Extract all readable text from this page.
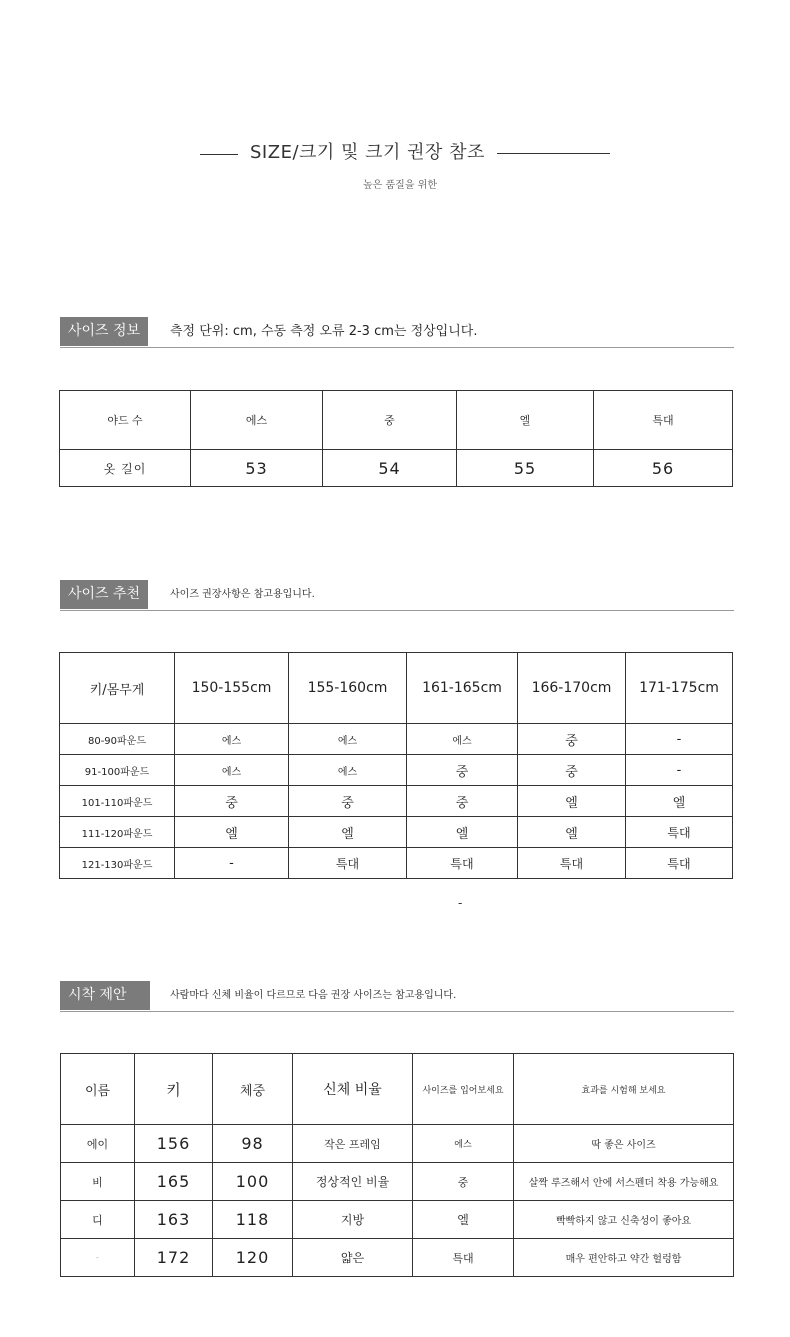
SIZE/크기 및 크기 권장 참조
높은 품질을 위한
사이즈 정보	측정 단위: cm, 수동 측정 오류 2-3 cm는 정상입니다.
야드 수	에스	중	엘	특대
옷 길이	53	54	55	56
사이즈 추천	사이즈 권장사항은 참고용입니다.
키/몸무게	150-155cm	155-160cm	161-165cm	166-170cm	171-175cm
80-90파운드	에스	에스	에스	중	-
91-100파운드	에스	에스	중	중	-
101-110파운드	중	중	중	엘	엘
111-120파운드	엘	엘	엘	엘	특대
121-130파운드	-	특대	특대	특대	특대
-
시착 제안	사람마다 신체 비율이 다르므로 다음 권장 사이즈는 참고용입니다.
이름	키	체중	신체 비율	사이즈를 입어보세요	효과를 시험해 보세요
에이	156	98	작은 프레임	에스	딱 좋은 사이즈
비	165	100	정상적인 비율	중	살짝 루즈해서 안에 서스펜더 착용 가능해요
디	163	118	지방	엘	빡빡하지 않고 신축성이 좋아요
-	172	120	얇은	특대	매우 편안하고 약간 헐렁함
